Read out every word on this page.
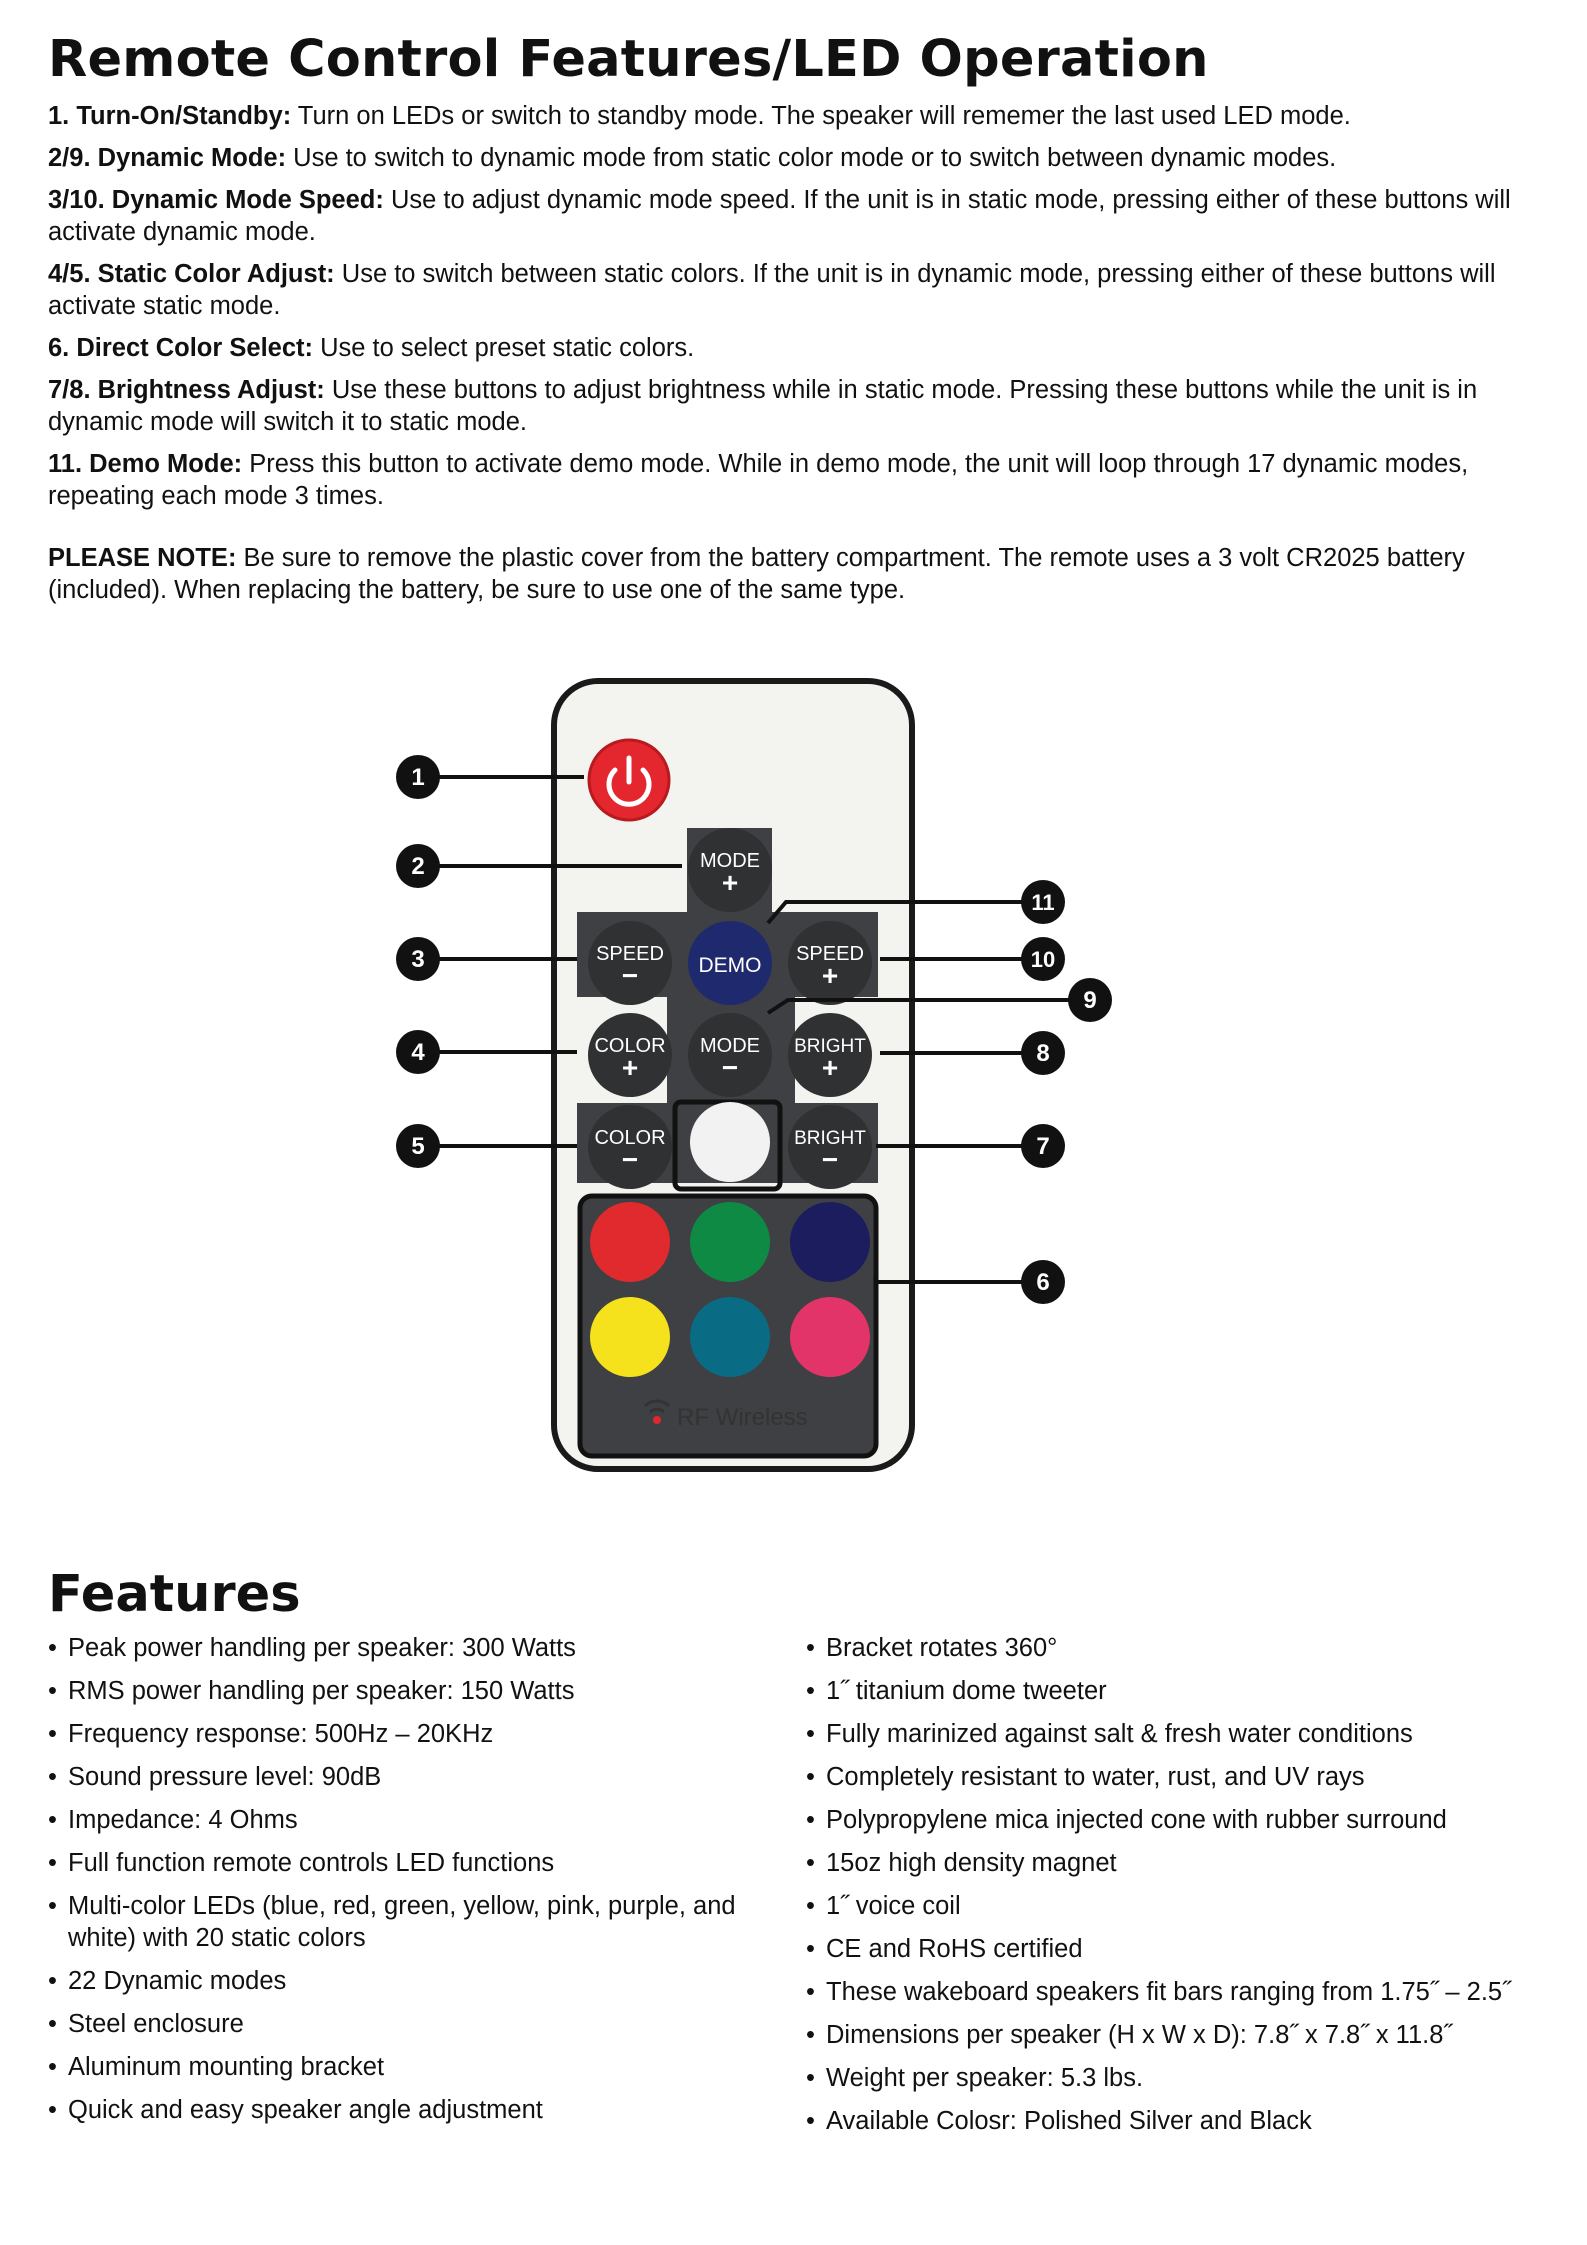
Remote Control Features/LED Operation

1. Turn-On/Standby: Turn on LEDs or switch to standby mode. The speaker will rememer the last used LED mode.

2/9. Dynamic Mode: Use to switch to dynamic mode from static color mode or to switch between dynamic modes.

3/10. Dynamic Mode Speed: Use to adjust dynamic mode speed. If the unit is in static mode, pressing either of these buttons will activate dynamic mode.

4/5. Static Color Adjust: Use to switch between static colors. If the unit is in dynamic mode, pressing either of these buttons will activate static mode.

6. Direct Color Select: Use to select preset static colors.

7/8. Brightness Adjust: Use these buttons to adjust brightness while in static mode. Pressing these buttons while the unit is in dynamic mode will switch it to static mode.

11. Demo Mode: Press this button to activate demo mode. While in demo mode, the unit will loop through 17 dynamic modes, repeating each mode 3 times.

PLEASE NOTE: Be sure to remove the plastic cover from the battery compartment. The remote uses a 3 volt CR2025 battery (included). When replacing the battery, be sure to use one of the same type.

MODE
+
SPEED
−	DEMO SPEED
+
COLOR
+
MODE
−
BRIGHT
+
COLOR
−
BRIGHT
−
RF Wireless
1
2
3
4
5
6
7
8
9
10
11
Features
• Peak power handling per speaker: 300 Watts
• RMS power handling per speaker: 150 Watts
• Frequency response: 500Hz – 20KHz
• Sound pressure level: 90dB
• Impedance: 4 Ohms
• Full function remote controls LED functions
• Multi-color LEDs (blue, red, green, yellow, pink, purple, and white) with 20 static colors
• 22 Dynamic modes
• Steel enclosure
• Aluminum mounting bracket
• Quick and easy speaker angle adjustment
• Bracket rotates 360°
• 1˝ titanium dome tweeter
• Fully marinized against salt & fresh water conditions
• Completely resistant to water, rust, and UV rays
• Polypropylene mica injected cone with rubber surround
• 15oz high density magnet
• 1˝ voice coil
• CE and RoHS certified
• These wakeboard speakers fit bars ranging from 1.75˝ – 2.5˝
• Dimensions per speaker (H x W x D): 7.8˝ x 7.8˝ x 11.8˝
• Weight per speaker: 5.3 lbs.
• Available Colosr: Polished Silver and Black
